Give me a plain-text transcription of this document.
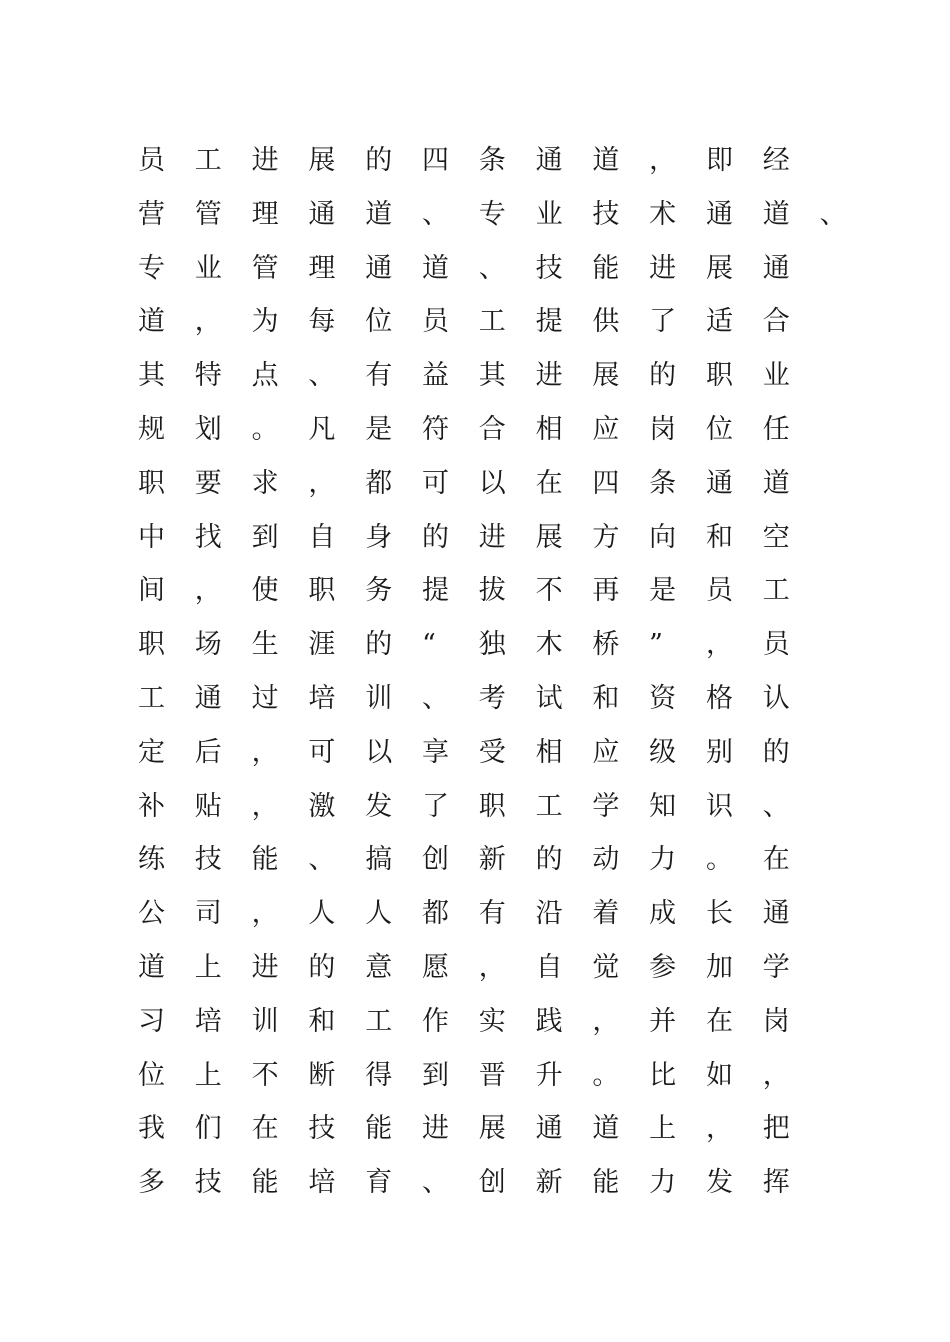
员 工 进 展 的 四 条 通 道 ， 即 经
营 管 理 通 道 、 专 业 技 术 通 道 、
专 业 管 理 通 道 、 技 能 进 展 通
道 ， 为 每 位 员 工 提 供 了 适 合
其 特 点 、 有 益 其 进 展 的 职 业
规 划 。 凡 是 符 合 相 应 岗 位 任
职 要 求 ， 都 可 以 在 四 条 通 道
中 找 到 自 身 的 进 展 方 向 和 空
间 ， 使 职 务 提 拔 不 再 是 员 工
职 场 生 涯 的 “ 独 木 桥 ” ， 员
工 通 过 培 训 、 考 试 和 资 格 认
定 后 ， 可 以 享 受 相 应 级 别 的
补 贴 ， 激 发 了 职 工 学 知 识 、
练 技 能 、 搞 创 新 的 动 力 。 在
公 司 ， 人 人 都 有 沿 着 成 长 通
道 上 进 的 意 愿 ， 自 觉 参 加 学
习 培 训 和 工 作 实 践 ， 并 在 岗
位 上 不 断 得 到 晋 升 。 比 如 ，
我 们 在 技 能 进 展 通 道 上 ， 把
多 技 能 培 育 、 创 新 能 力 发 挥
